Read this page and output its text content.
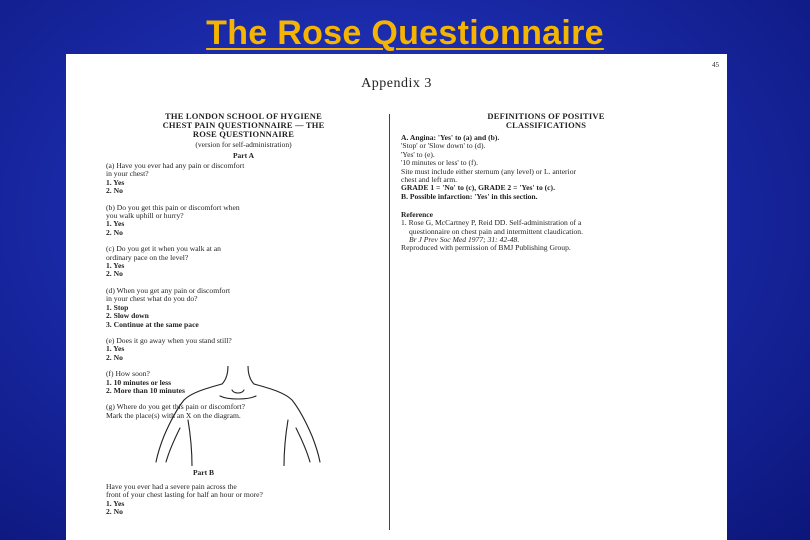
The Rose Questionnaire
45
Appendix 3
THE LONDON SCHOOL OF HYGIENE
CHEST PAIN QUESTIONNAIRE — THE
ROSE QUESTIONNAIRE
(version for self-administration)
Part A
(a) Have you ever had any pain or discomfort
in your chest?
1. Yes
2. No
(b) Do you get this pain or discomfort when
you walk uphill or hurry?
1. Yes
2. No
(c) Do you get it when you walk at an
ordinary pace on the level?
1. Yes
2. No
(d) When you get any pain or discomfort
in your chest what do you do?
1. Stop
2. Slow down
3. Continue at the same pace
(e) Does it go away when you stand still?
1. Yes
2. No
(f) How soon?
1. 10 minutes or less
2. More than 10 minutes
(g) Where do you get this pain or discomfort?
Mark the place(s) with an X on the diagram.
DEFINITIONS OF POSITIVE
CLASSIFICATIONS
A. Angina: 'Yes' to (a) and (b).
'Stop' or 'Slow down' to (d).
'Yes' to (e).
'10 minutes or less' to (f).
Site must include either sternum (any level) or L. anterior
chest and left arm.
GRADE 1 = 'No' to (c), GRADE 2 = 'Yes' to (c).
B. Possible infarction: 'Yes' in this section.
Reference
1. Rose G, McCartney P, Reid DD. Self-administration of a
questionnaire on chest pain and intermittent claudication.
Br J Prev Soc Med 1977; 31: 42-48.
Reproduced with permission of BMJ Publishing Group.
Part B
Have you ever had a severe pain across the
front of your chest lasting for half an hour or more?
1. Yes
2. No
